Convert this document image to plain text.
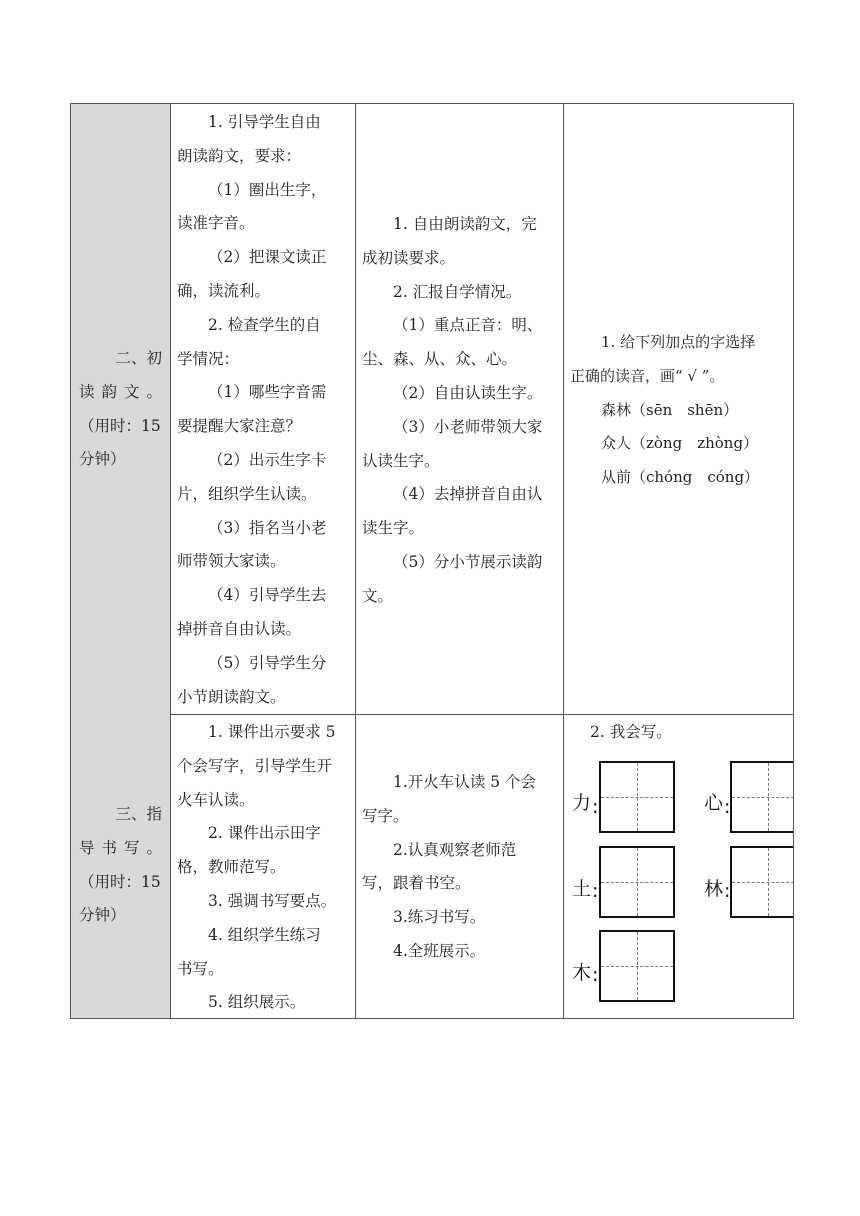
二、初
读 韵 文 。
（用时：15
分钟）
1. 引导学生自由
朗读韵文，要求：
（1）圈出生字，
读准字音。
（2）把课文读正
确，读流利。
2. 检查学生的自
学情况：
（1）哪些字音需
要提醒大家注意？
（2）出示生字卡
片，组织学生认读。
（3）指名当小老
师带领大家读。
（4）引导学生去
掉拼音自由认读。
（5）引导学生分
小节朗读韵文。
1. 自由朗读韵文，完
成初读要求。
2. 汇报自学情况。
（1）重点正音：明、
尘、森、从、众、心。
（2）自由认读生字。
（3）小老师带领大家
认读生字。
（4）去掉拼音自由认
读生字。
（5）分小节展示读韵
文。
1. 给下列加点的字选择
正确的读音，画“ √ ”。
森林（sēn　shēn）
众人（zòng　zhòng）
从前（chóng　cóng）
三、指
导 书 写 。
（用时：15
分钟）
1. 课件出示要求 5
个会写字，引导学生开
火车认读。
2. 课件出示田字
格，教师范写。
3. 强调书写要点。
4. 组织学生练习
书写。
5. 组织展示。
1.开火车认读 5 个会
写字。
2.认真观察老师范
写，跟着书空。
3.练习书写。
4.全班展示。
2. 我会写。
力 :	心 :
土 :	林 :
木 :
